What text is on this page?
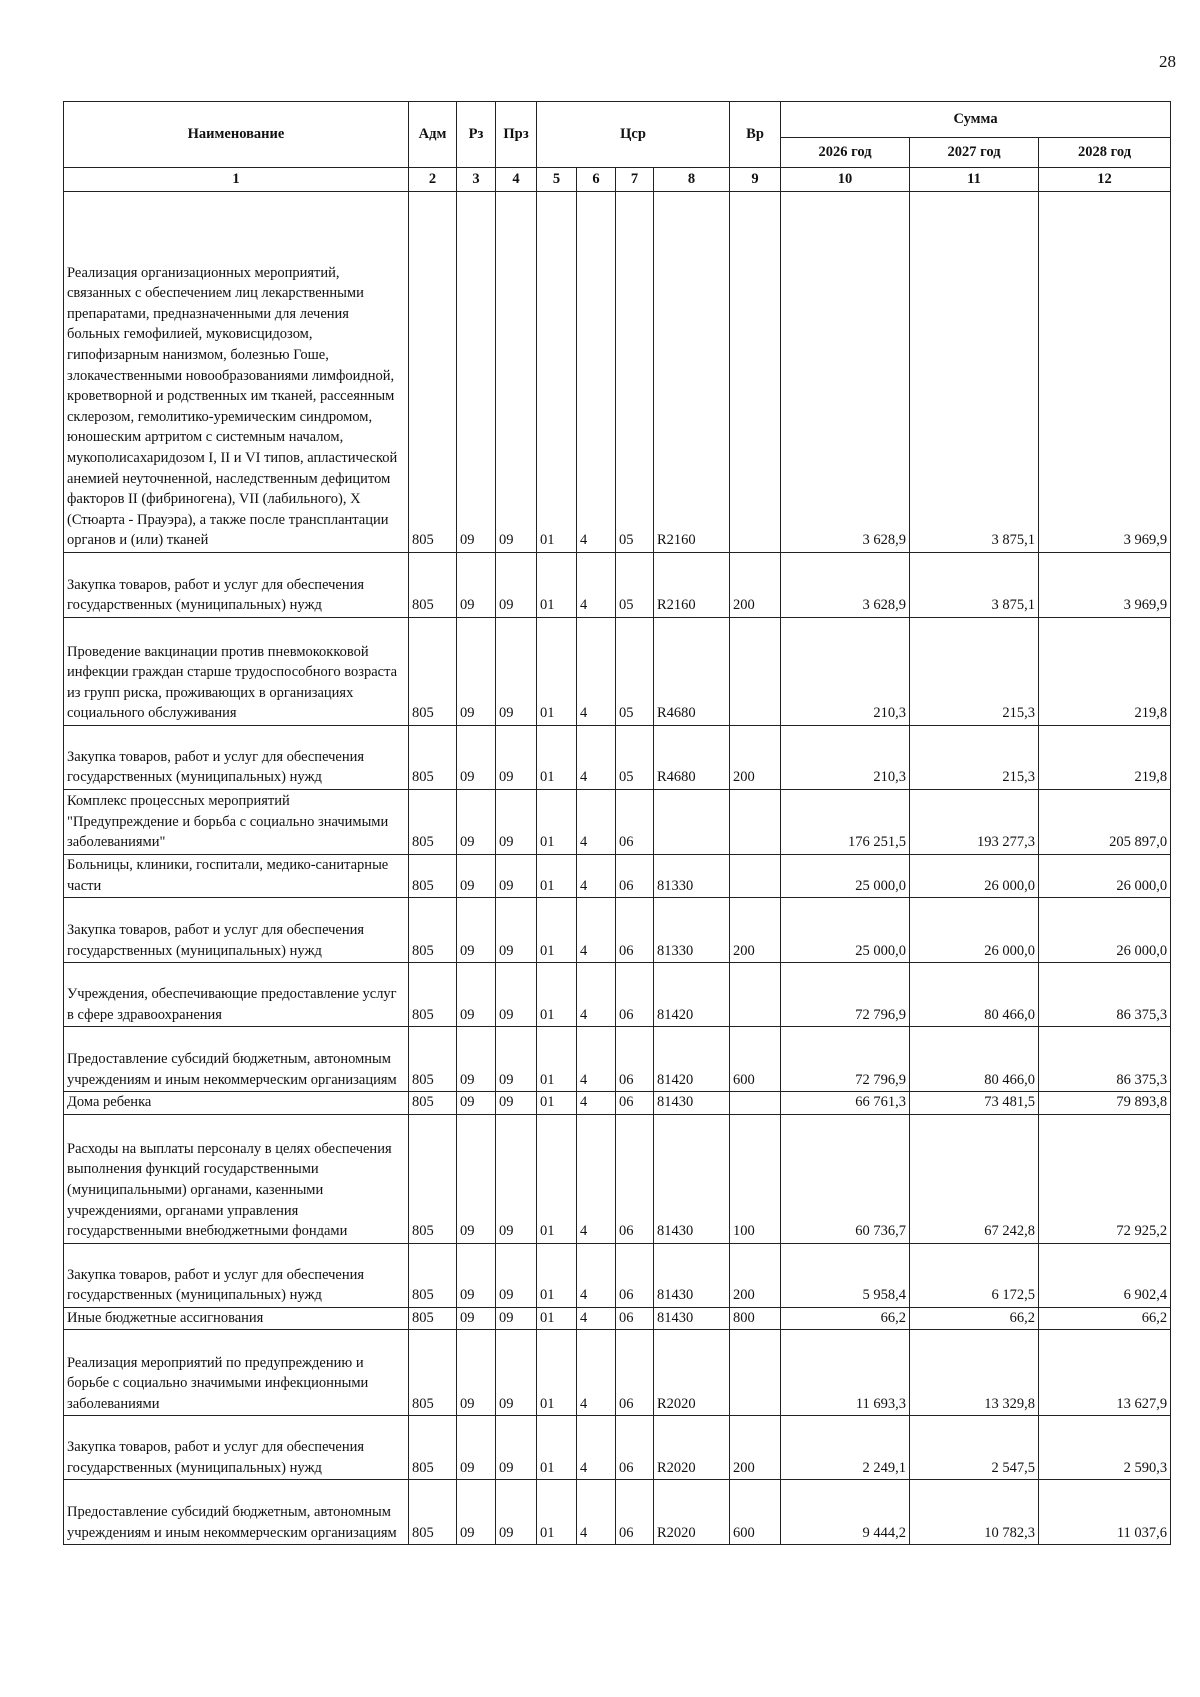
28
Наименование	Адм	Рз	Прз	Цср				Вр	Сумма		
									2026 год	2027 год	2028 год
1	2	3	4	5	6	7	8	9	10	11	12
Реализация организационных мероприятий, связанных с обеспечением лиц лекарственными препаратами, предназначенными для лечения больных гемофилией, муковисцидозом, гипофизарным нанизмом, болезнью Гоше, злокачественными новообразованиями лимфоидной, кроветворной и родственных им тканей, рассеянным склерозом, гемолитико-уремическим синдромом, юношеским артритом с системным началом, мукополисахаридозом I, II и VI типов, апластической анемией неуточненной, наследственным дефицитом факторов II (фибриногена), VII (лабильного), X (Стюарта - Прауэра), а также после трансплантации органов и (или) тканей	805	09	09	01	4	05	R2160		3 628,9	3 875,1	3 969,9
Закупка товаров, работ и услуг для обеспечения государственных (муниципальных) нужд	805	09	09	01	4	05	R2160	200	3 628,9	3 875,1	3 969,9
Проведение вакцинации против пневмококковой инфекции граждан старше трудоспособного возраста из групп риска, проживающих в организациях социального обслуживания	805	09	09	01	4	05	R4680		210,3	215,3	219,8
Закупка товаров, работ и услуг для обеспечения государственных (муниципальных) нужд	805	09	09	01	4	05	R4680	200	210,3	215,3	219,8
Комплекс процессных мероприятий "Предупреждение и борьба с социально значимыми заболеваниями"	805	09	09	01	4	06			176 251,5	193 277,3	205 897,0
Больницы, клиники, госпитали, медико-санитарные части	805	09	09	01	4	06	81330		25 000,0	26 000,0	26 000,0
Закупка товаров, работ и услуг для обеспечения государственных (муниципальных) нужд	805	09	09	01	4	06	81330	200	25 000,0	26 000,0	26 000,0
Учреждения, обеспечивающие предоставление услуг в сфере здравоохранения	805	09	09	01	4	06	81420		72 796,9	80 466,0	86 375,3
Предоставление субсидий бюджетным, автономным учреждениям и иным некоммерческим организациям	805	09	09	01	4	06	81420	600	72 796,9	80 466,0	86 375,3
Дома ребенка	805	09	09	01	4	06	81430		66 761,3	73 481,5	79 893,8
Расходы на выплаты персоналу в целях обеспечения выполнения функций государственными (муниципальными) органами, казенными учреждениями, органами управления государственными внебюджетными фондами	805	09	09	01	4	06	81430	100	60 736,7	67 242,8	72 925,2
Закупка товаров, работ и услуг для обеспечения государственных (муниципальных) нужд	805	09	09	01	4	06	81430	200	5 958,4	6 172,5	6 902,4
Иные бюджетные ассигнования	805	09	09	01	4	06	81430	800	66,2	66,2	66,2
Реализация мероприятий по предупреждению и борьбе с социально значимыми инфекционными заболеваниями	805	09	09	01	4	06	R2020		11 693,3	13 329,8	13 627,9
Закупка товаров, работ и услуг для обеспечения государственных (муниципальных) нужд	805	09	09	01	4	06	R2020	200	2 249,1	2 547,5	2 590,3
Предоставление субсидий бюджетным, автономным учреждениям и иным некоммерческим организациям	805	09	09	01	4	06	R2020	600	9 444,2	10 782,3	11 037,6
